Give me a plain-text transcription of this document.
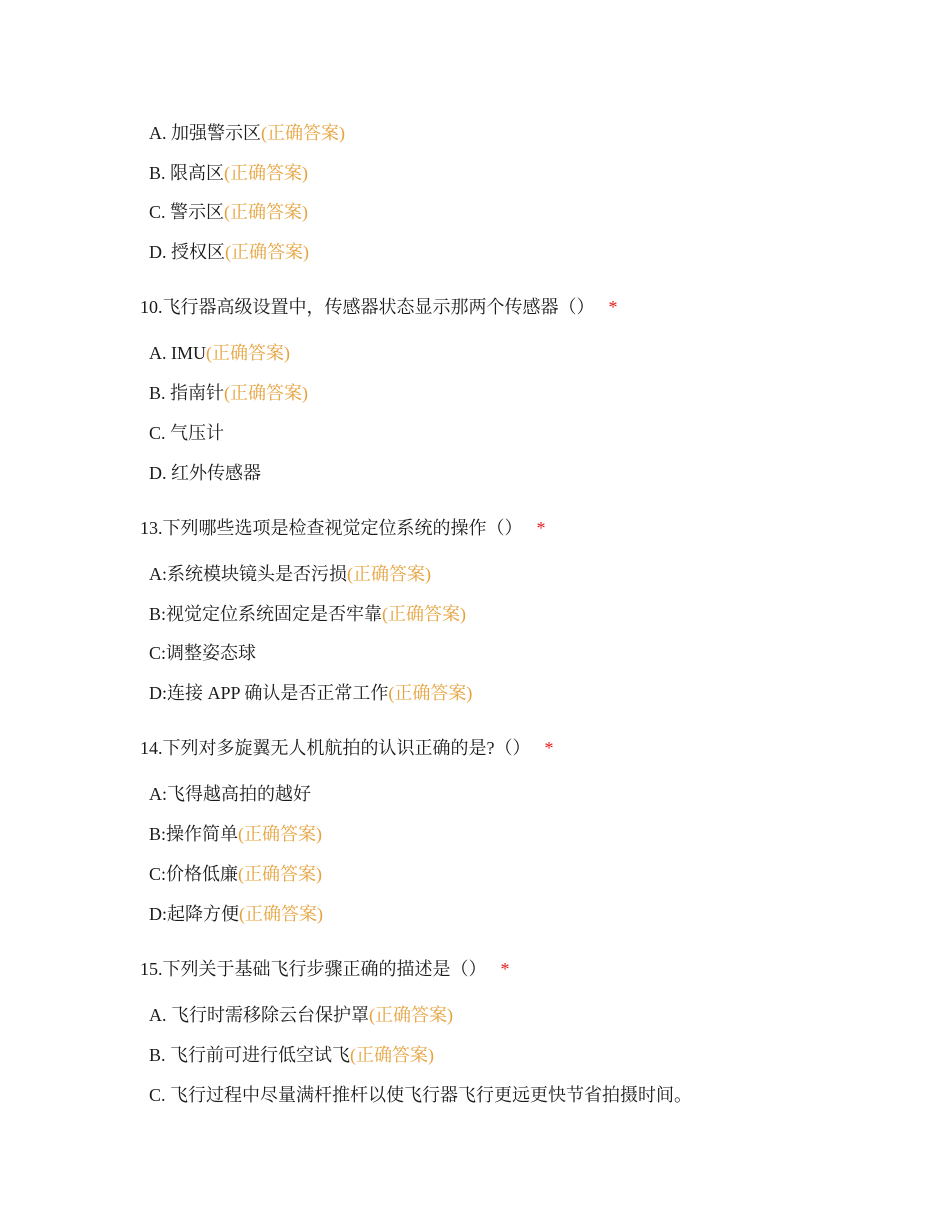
A. 加强警示区(正确答案)
B. 限高区(正确答案)
C. 警示区(正确答案)
D. 授权区(正确答案)
10.飞行器高级设置中，传感器状态显示那两个传感器（） *
A. IMU(正确答案)
B. 指南针(正确答案)
C. 气压计
D. 红外传感器
13.下列哪些选项是检查视觉定位系统的操作（） *
A:系统模块镜头是否污损(正确答案)
B:视觉定位系统固定是否牢靠(正确答案)
C:调整姿态球
D:连接 APP 确认是否正常工作(正确答案)
14.下列对多旋翼无人机航拍的认识正确的是?（） *
A:飞得越高拍的越好
B:操作简单(正确答案)
C:价格低廉(正确答案)
D:起降方便(正确答案)
15.下列关于基础飞行步骤正确的描述是（） *
A. 飞行时需移除云台保护罩(正确答案)
B. 飞行前可进行低空试飞(正确答案)
C. 飞行过程中尽量满杆推杆以使飞行器飞行更远更快节省拍摄时间。
